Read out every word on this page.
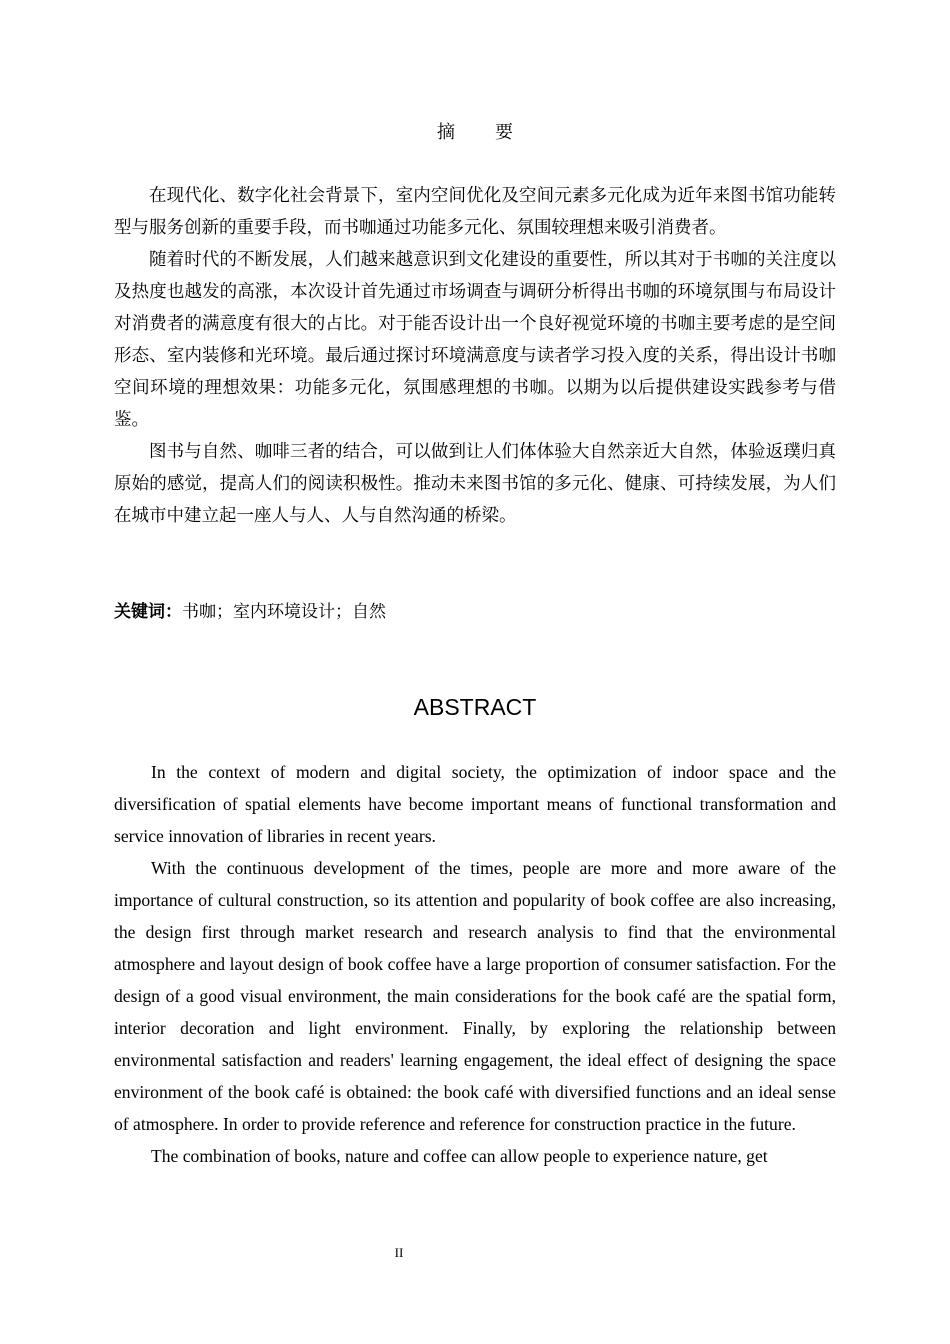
摘 要

在现代化、数字化社会背景下，室内空间优化及空间元素多元化成为近年来图书馆功能转型与服务创新的重要手段，而书咖通过功能多元化、氛围较理想来吸引消费者。

随着时代的不断发展，人们越来越意识到文化建设的重要性，所以其对于书咖的关注度以及热度也越发的高涨，本次设计首先通过市场调查与调研分析得出书咖的环境氛围与布局设计对消费者的满意度有很大的占比。对于能否设计出一个良好视觉环境的书咖主要考虑的是空间形态、室内装修和光环境。最后通过探讨环境满意度与读者学习投入度的关系，得出设计书咖空间环境的理想效果：功能多元化，氛围感理想的书咖。以期为以后提供建设实践参考与借鉴。

图书与自然、咖啡三者的结合，可以做到让人们体体验大自然亲近大自然，体验返璞归真原始的感觉，提高人们的阅读积极性。推动未来图书馆的多元化、健康、可持续发展，为人们在城市中建立起一座人与人、人与自然沟通的桥梁。

关键词：书咖；室内环境设计；自然
ABSTRACT

In the context of modern and digital society, the optimization of indoor space and the diversification of spatial elements have become important means of functional transformation and service innovation of libraries in recent years.

With the continuous development of the times, people are more and more aware of the importance of cultural construction, so its attention and popularity of book coffee are also increasing, the design first through market research and research analysis to find that the environmental atmosphere and layout design of book coffee have a large proportion of consumer satisfaction. For the design of a good visual environment, the main considerations for the book café are the spatial form, interior decoration and light environment. Finally, by exploring the relationship between environmental satisfaction and readers' learning engagement, the ideal effect of designing the space environment of the book café is obtained: the book café with diversified functions and an ideal sense of atmosphere. In order to provide reference and reference for construction practice in the future.

The combination of books, nature and coffee can allow people to experience nature, get

II
